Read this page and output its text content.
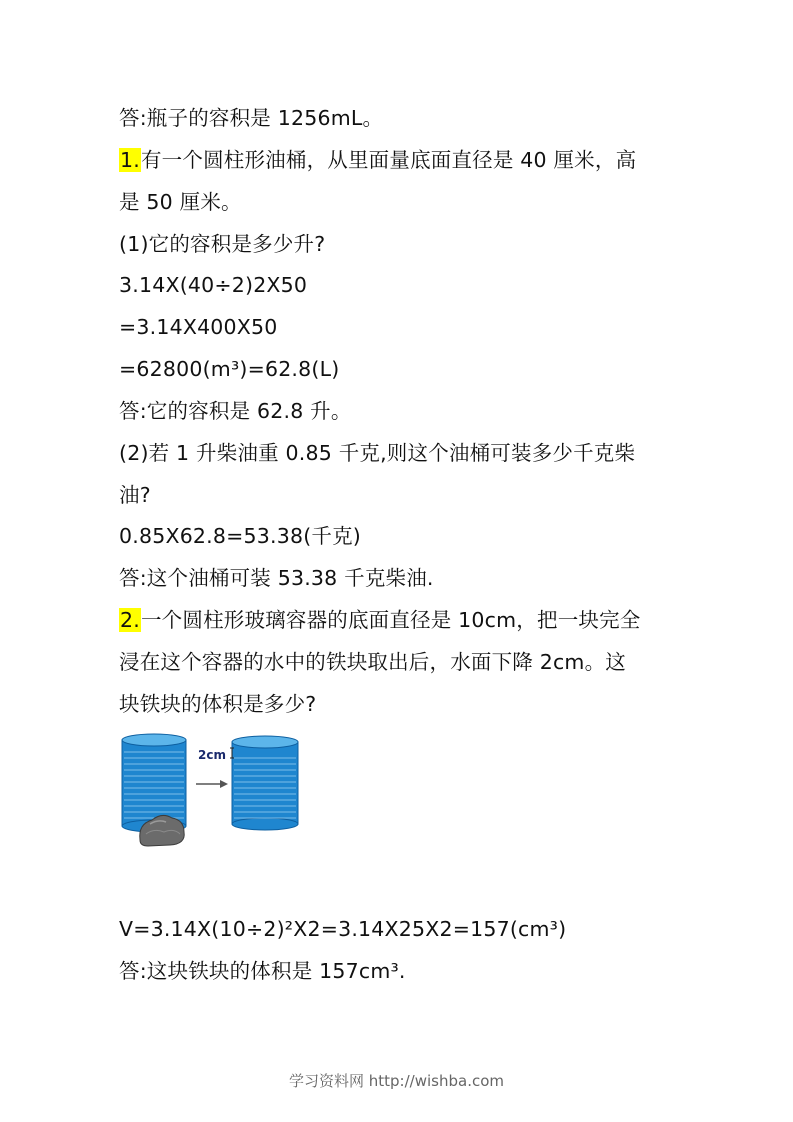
答:瓶子的容积是 1256mL。
1.有一个圆柱形油桶，从里面量底面直径是 40 厘米，高
是 50 厘米。
(1)它的容积是多少升?
3.14X(40÷2)2X50
=3.14X400X50
=62800(m³)=62.8(L)
答:它的容积是 62.8 升。
(2)若 1 升柴油重 0.85 千克,则这个油桶可装多少千克柴
油?
0.85X62.8=53.38(千克)
答:这个油桶可装 53.38 千克柴油.
2.一个圆柱形玻璃容器的底面直径是 10cm，把一块完全
浸在这个容器的水中的铁块取出后，水面下降 2cm。这
块铁块的体积是多少?
2cm
V=3.14X(10÷2)²X2=3.14X25X2=157(cm³)
答:这块铁块的体积是 157cm³.
学习资料网 http://wishba.com
